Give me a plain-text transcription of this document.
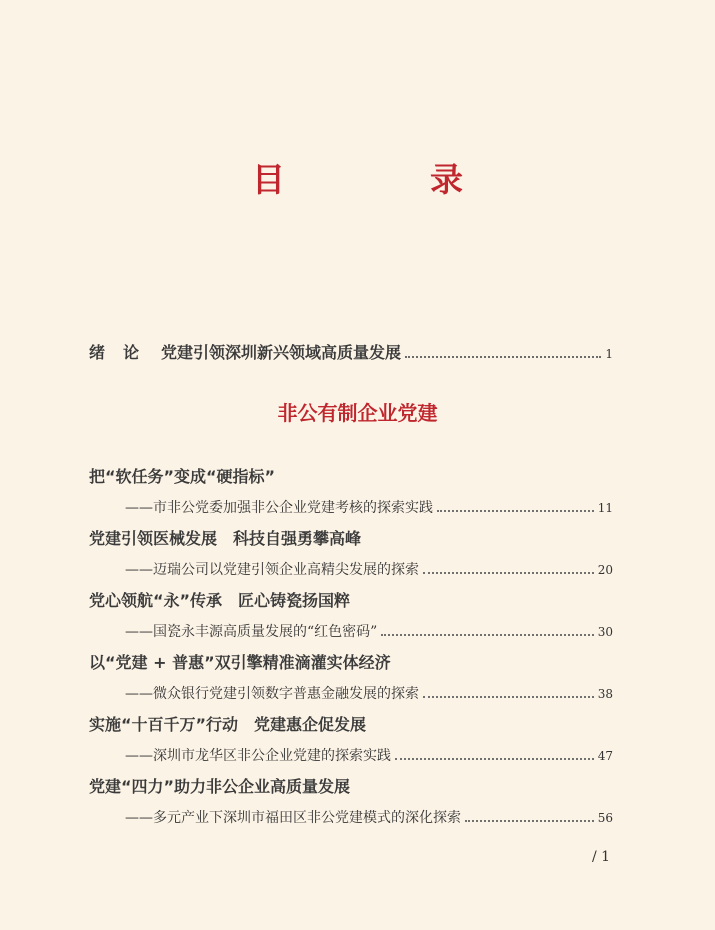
目　录
绪论 党建引领深圳新兴领域高质量发展	1
非公有制企业党建
把“软任务”变成“硬指标”
——市非公党委加强非公企业党建考核的探索实践	11
党建引领医械发展　科技自强勇攀高峰
——迈瑞公司以党建引领企业高精尖发展的探索	20
党心领航“永”传承　匠心铸瓷扬国粹
——国瓷永丰源高质量发展的“红色密码”	30
以“党建 + 普惠”双引擎精准滴灌实体经济
——微众银行党建引领数字普惠金融发展的探索	38
实施“十百千万”行动　党建惠企促发展
——深圳市龙华区非公企业党建的探索实践	47
党建“四力”助力非公企业高质量发展
——多元产业下深圳市福田区非公党建模式的深化探索	56
/ 1
